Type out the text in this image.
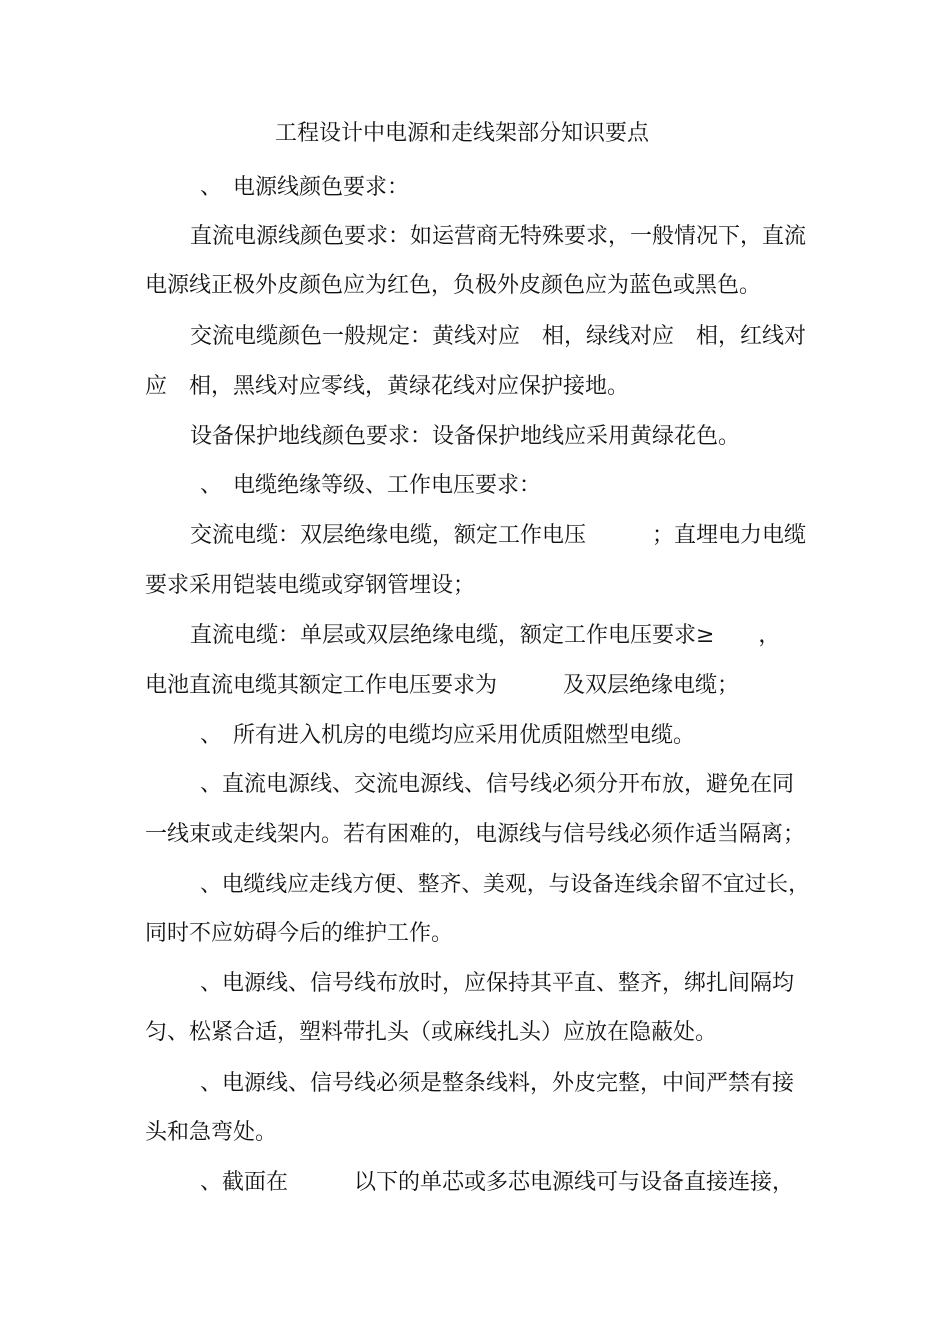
工程设计中电源和走线架部分知识要点
、　电源线颜色要求：
直流电源线颜色要求：如运营商无特殊要求，一般情况下，直流
电源线正极外皮颜色应为红色，负极外皮颜色应为蓝色或黑色。
交流电缆颜色一般规定：黄线对应　相，绿线对应　相，红线对
应　相，黑线对应零线，黄绿花线对应保护接地。
设备保护地线颜色要求：设备保护地线应采用黄绿花色。
、　电缆绝缘等级、工作电压要求：
交流电缆：双层绝缘电缆，额定工作电压　　　；直埋电力电缆
要求采用铠装电缆或穿钢管埋设；
直流电缆：单层或双层绝缘电缆，额定工作电压要求≥　　，
电池直流电缆其额定工作电压要求为　　　及双层绝缘电缆；
、　所有进入机房的电缆均应采用优质阻燃型电缆。
、直流电源线、交流电源线、信号线必须分开布放，避免在同
一线束或走线架内。若有困难的，电源线与信号线必须作适当隔离；
、电缆线应走线方便、整齐、美观，与设备连线余留不宜过长，
同时不应妨碍今后的维护工作。
、电源线、信号线布放时，应保持其平直、整齐，绑扎间隔均
匀、松紧合适，塑料带扎头（或麻线扎头）应放在隐蔽处。
、电源线、信号线必须是整条线料，外皮完整，中间严禁有接
头和急弯处。
、截面在　　　以下的单芯或多芯电源线可与设备直接连接，
